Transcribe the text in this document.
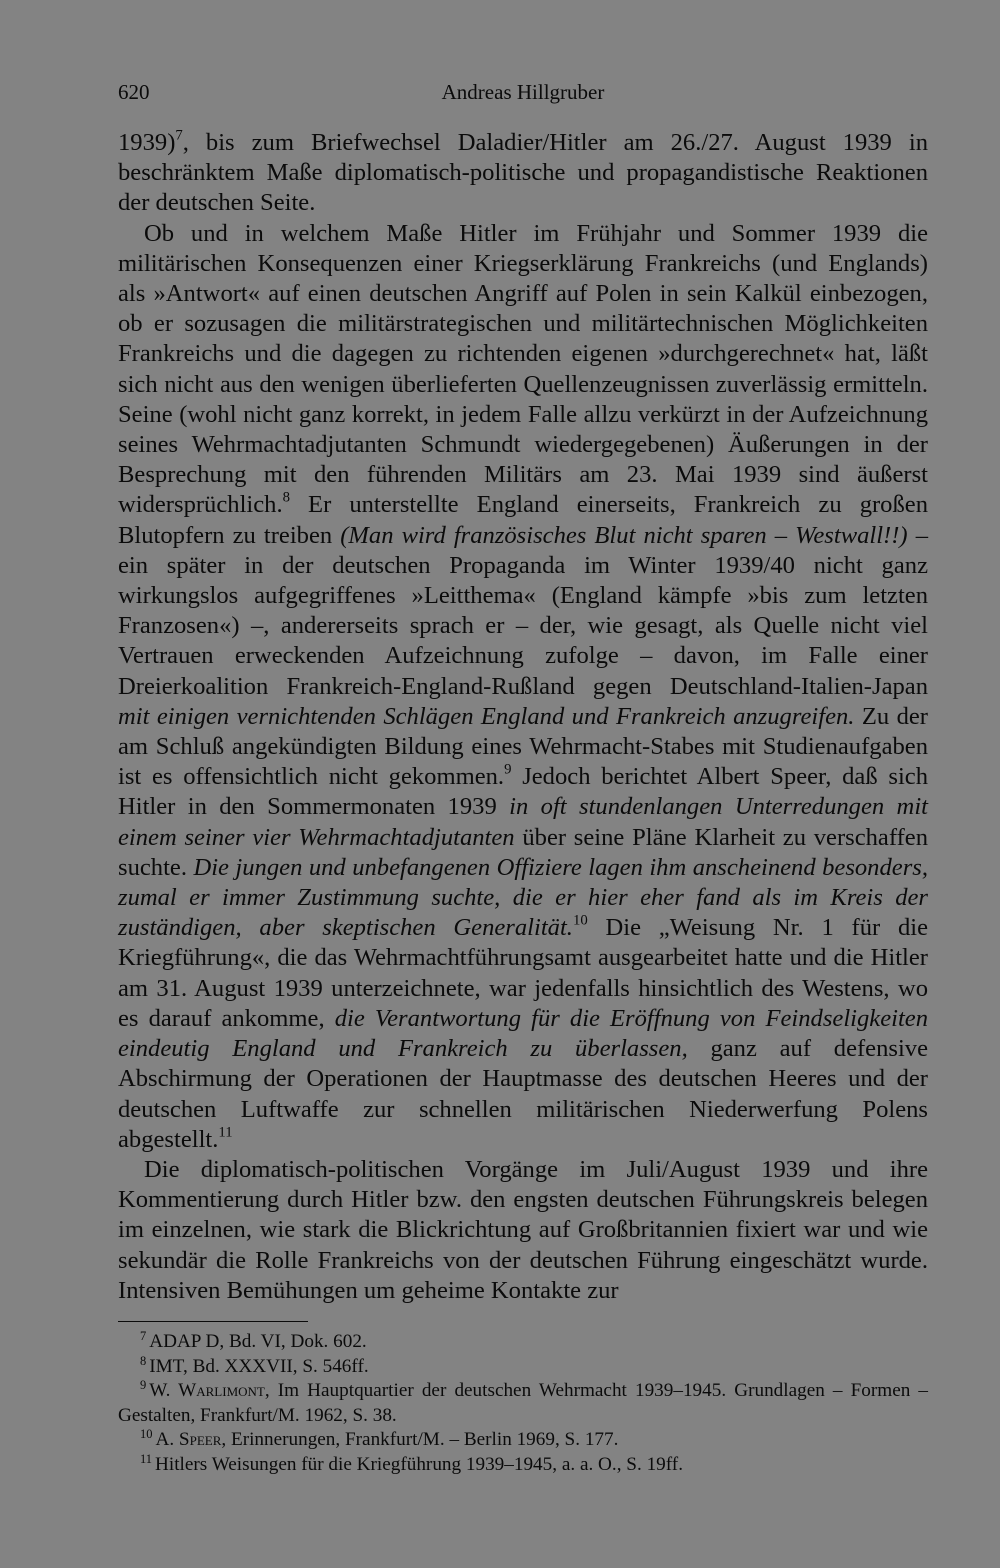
620	Andreas Hillgruber

1939)$^7$, bis zum Briefwechsel Daladier/Hitler am 26./27. August 1939 in beschränktem Maße diplomatisch-politische und propagandistische Reaktionen der deutschen Seite.

Ob und in welchem Maße Hitler im Frühjahr und Sommer 1939 die militärischen Konsequenzen einer Kriegserklärung Frankreichs (und Englands) als »Antwort« auf einen deutschen Angriff auf Polen in sein Kalkül einbezogen, ob er sozusagen die militärstrategischen und militärtechnischen Möglichkeiten Frankreichs und die dagegen zu richtenden eigenen »durchgerechnet« hat, läßt sich nicht aus den wenigen überlieferten Quellenzeugnissen zuverlässig ermitteln. Seine (wohl nicht ganz korrekt, in jedem Falle allzu verkürzt in der Aufzeichnung seines Wehrmachtadjutanten Schmundt wiedergegebenen) Äußerungen in der Besprechung mit den führenden Militärs am 23. Mai 1939 sind äußerst widersprüchlich.$^8$ Er unterstellte England einerseits, Frankreich zu großen Blutopfern zu treiben (Man wird französisches Blut nicht sparen – Westwall!!) – ein später in der deutschen Propaganda im Winter 1939/40 nicht ganz wirkungslos aufgegriffenes »Leitthema« (England kämpfe »bis zum letzten Franzosen«) –, andererseits sprach er – der, wie gesagt, als Quelle nicht viel Vertrauen erweckenden Aufzeichnung zufolge – davon, im Falle einer Dreierkoalition Frankreich-England-Rußland gegen Deutschland-Italien-Japan mit einigen vernichtenden Schlägen England und Frankreich anzugreifen. Zu der am Schluß angekündigten Bildung eines Wehrmacht-Stabes mit Studienaufgaben ist es offensichtlich nicht gekommen.$^9$ Jedoch berichtet Albert Speer, daß sich Hitler in den Sommermonaten 1939 in oft stundenlangen Unterredungen mit einem seiner vier Wehrmachtadjutanten über seine Pläne Klarheit zu verschaffen suchte. Die jungen und unbefangenen Offiziere lagen ihm anscheinend besonders, zumal er immer Zustimmung suchte, die er hier eher fand als im Kreis der zuständigen, aber skeptischen Generalität.$^{10}$ Die „Weisung Nr. 1 für die Kriegführung«, die das Wehrmachtführungsamt ausgearbeitet hatte und die Hitler am 31. August 1939 unterzeichnete, war jedenfalls hinsichtlich des Westens, wo es darauf ankomme, die Verantwortung für die Eröffnung von Feindseligkeiten eindeutig England und Frankreich zu überlassen, ganz auf defensive Abschirmung der Operationen der Hauptmasse des deutschen Heeres und der deutschen Luftwaffe zur schnellen militärischen Niederwerfung Polens abgestellt.$^{11}$

Die diplomatisch-politischen Vorgänge im Juli/August 1939 und ihre Kommentierung durch Hitler bzw. den engsten deutschen Führungskreis belegen im einzelnen, wie stark die Blickrichtung auf Großbritannien fixiert war und wie sekundär die Rolle Frankreichs von der deutschen Führung eingeschätzt wurde. Intensiven Bemühungen um geheime Kontakte zur

$^7$ ADAP D, Bd. VI, Dok. 602.

$^8$ IMT, Bd. XXXVII, S. 546ff.

$^9$ W. Warlimont, Im Hauptquartier der deutschen Wehrmacht 1939–1945. Grundlagen – Formen – Gestalten, Frankfurt/M. 1962, S. 38.

$^{10}$ A. Speer, Erinnerungen, Frankfurt/M. – Berlin 1969, S. 177.

$^{11}$ Hitlers Weisungen für die Kriegführung 1939–1945, a. a. O., S. 19ff.
